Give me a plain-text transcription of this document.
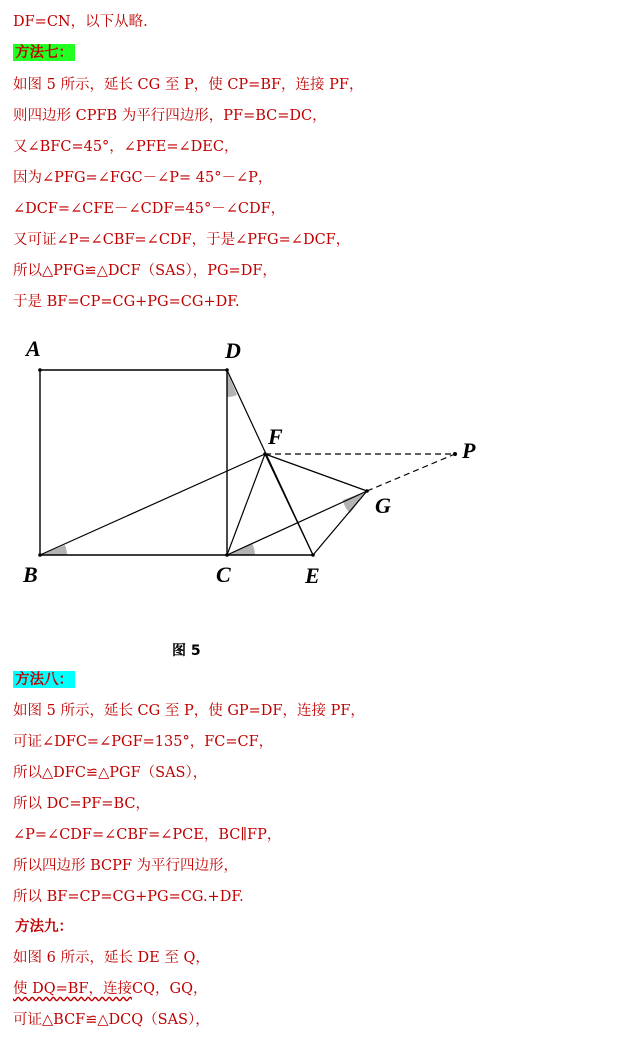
DF=CN，以下从略.
方法七：
如图 5 所示，延长 CG 至 P，使 CP=BF，连接 PF，
则四边形 CPFB 为平行四边形，PF=BC=DC，
又∠BFC=45°，∠PFE=∠DEC，
因为∠PFG=∠FGC－∠P= 45°－∠P，
∠DCF=∠CFE－∠CDF=45°－∠CDF，
又可证∠P=∠CBF=∠CDF，于是∠PFG=∠DCF，
所以△PFG≌△DCF（SAS），PG=DF，
于是 BF=CP=CG+PG=CG+DF.
A	D
F
P
G
B	C	E
图 5
方法八：
如图 5 所示，延长 CG 至 P，使 GP=DF，连接 PF，
可证∠DFC=∠PGF=135°，FC=CF，
所以△DFC≌△PGF（SAS），
所以 DC=PF=BC，
∠P=∠CDF=∠CBF=∠PCE，BC∥FP，
所以四边形 BCPF 为平行四边形，
所以 BF=CP=CG+PG=CG.+DF.
方法九：
如图 6 所示，延长 DE 至 Q，
使 DQ=BF，连接CQ，GQ，
可证△BCF≌△DCQ（SAS），
